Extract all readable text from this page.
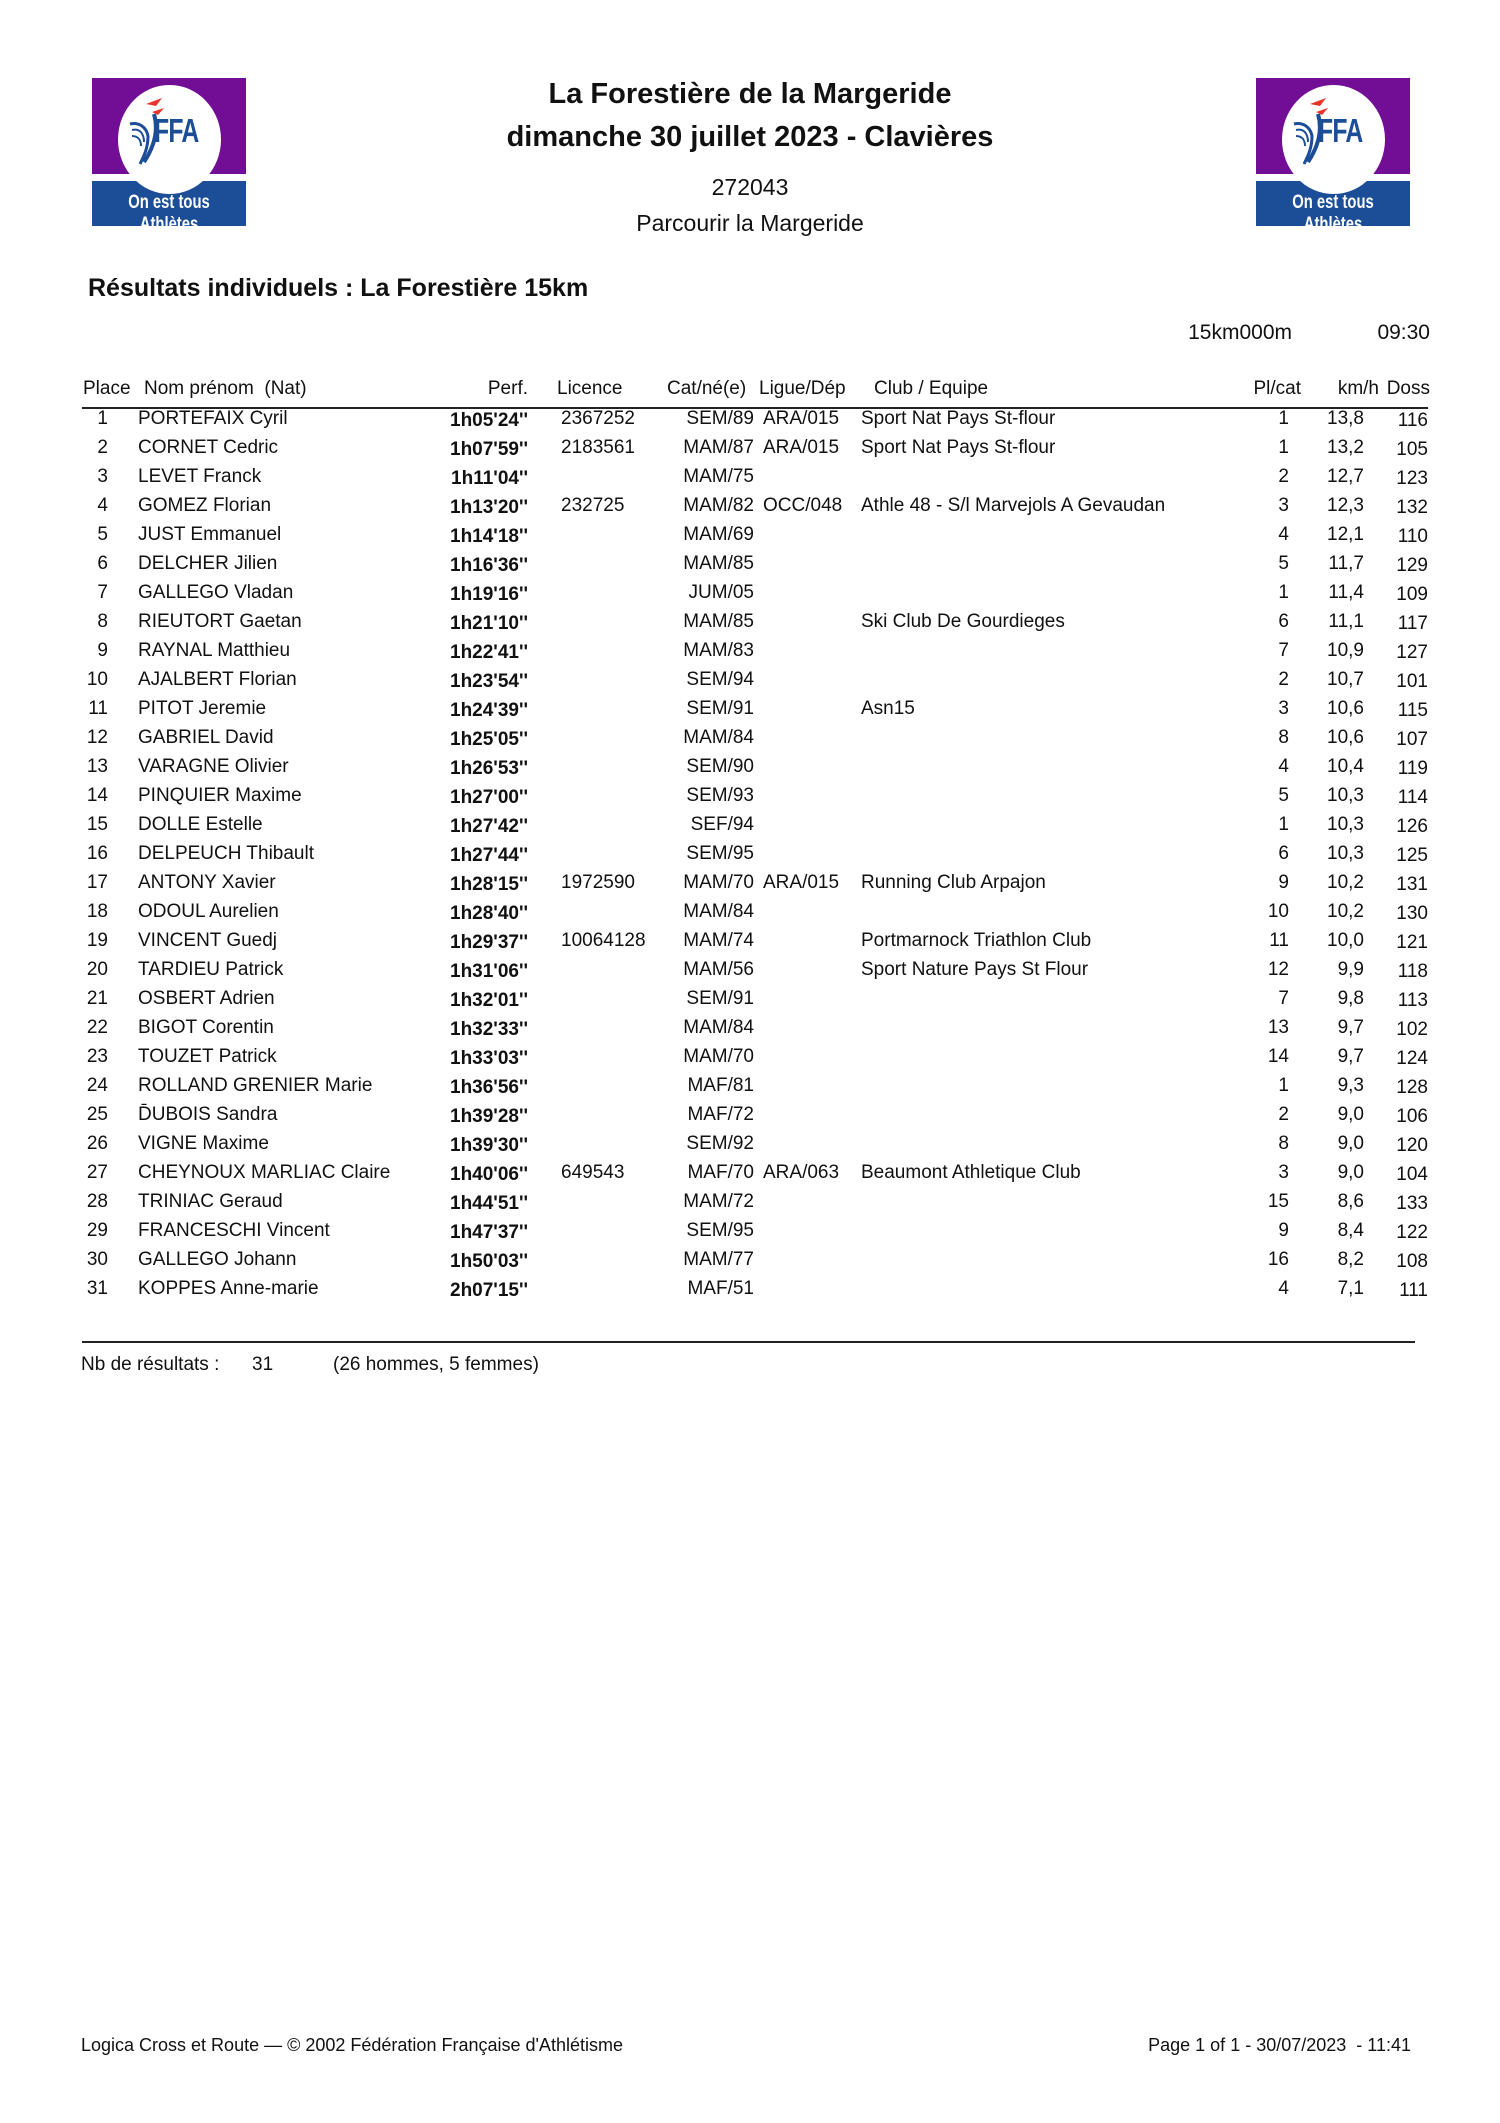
FFA
On est tous Athlètes
FFA
On est tous Athlètes
La Forestière de la Margeride
dimanche 30 juillet 2023 - Clavières
272043
Parcourir la Margeride
Résultats individuels : La Forestière 15km
15km000m	09:30
Place Nom prénom  (Nat)	Perf. Licence Cat/né(e) Ligue/Dép Club / Equipe	Pl/cat km/h Doss
1 PORTEFAIX Cyril	1h05'24'' 2367252	SEM/89 ARA/015 Sport Nat Pays St-flour	1 13,8 116
2 CORNET Cedric	1h07'59'' 2183561	MAM/87 ARA/015 Sport Nat Pays St-flour	1 13,2 105
3 LEVET Franck	1h11'04''	MAM/75	2 12,7 123
4 GOMEZ Florian	1h13'20'' 232725	MAM/82 OCC/048 Athle 48 - S/l Marvejols A Gevaudan	3 12,3 132
5 JUST Emmanuel	1h14'18''	MAM/69	4 12,1 110
6 DELCHER Jilien	1h16'36''	MAM/85	5 11,7 129
7 GALLEGO Vladan	1h19'16''	JUM/05	1 11,4 109
8 RIEUTORT Gaetan	1h21'10''	MAM/85	Ski Club De Gourdieges	6 11,1 117
9 RAYNAL Matthieu	1h22'41''	MAM/83	7 10,9 127
10 AJALBERT Florian	1h23'54''	SEM/94	2 10,7 101
11 PITOT Jeremie	1h24'39''	SEM/91	Asn15	3 10,6 115
12 GABRIEL David	1h25'05''	MAM/84	8 10,6 107
13 VARAGNE Olivier	1h26'53''	SEM/90	4 10,4 119
14 PINQUIER Maxime	1h27'00''	SEM/93	5 10,3 114
15 DOLLE Estelle	1h27'42''	SEF/94	1 10,3 126
16 DELPEUCH Thibault	1h27'44''	SEM/95	6 10,3 125
17 ANTONY Xavier	1h28'15'' 1972590	MAM/70 ARA/015 Running Club Arpajon	9 10,2 131
18 ODOUL Aurelien	1h28'40''	MAM/84	10 10,2 130
19 VINCENT Guedj	1h29'37'' 10064128 MAM/74	Portmarnock Triathlon Club	11 10,0 121
20 TARDIEU Patrick	1h31'06''	MAM/56	Sport Nature Pays St Flour	12	9,9 118
21 OSBERT Adrien	1h32'01''	SEM/91	7	9,8 113
22 BIGOT Corentin	1h32'33''	MAM/84	13	9,7 102
23 TOUZET Patrick	1h33'03''	MAM/70	14	9,7 124
24 ROLLAND GRENIER Marie	1h36'56''	MAF/81	1	9,3 128
25 D̄UBOIS Sandra	1h39'28''	MAF/72	2	9,0 106
26 VIGNE Maxime	1h39'30''	SEM/92	8	9,0 120
27 CHEYNOUX MARLIAC Claire	1h40'06'' 649543	MAF/70 ARA/063 Beaumont Athletique Club	3	9,0 104
28 TRINIAC Geraud	1h44'51''	MAM/72	15	8,6 133
29 FRANCESCHI Vincent	1h47'37''	SEM/95	9	8,4 122
30 GALLEGO Johann	1h50'03''	MAM/77	16	8,2 108
31 KOPPES Anne-marie	2h07'15''	MAF/51	4	7,1 111
Nb de résultats : 31	(26 hommes, 5 femmes)
Logica Cross et Route — © 2002 Fédération Française d'Athlétisme	Page 1 of 1 - 30/07/2023  - 11:41
